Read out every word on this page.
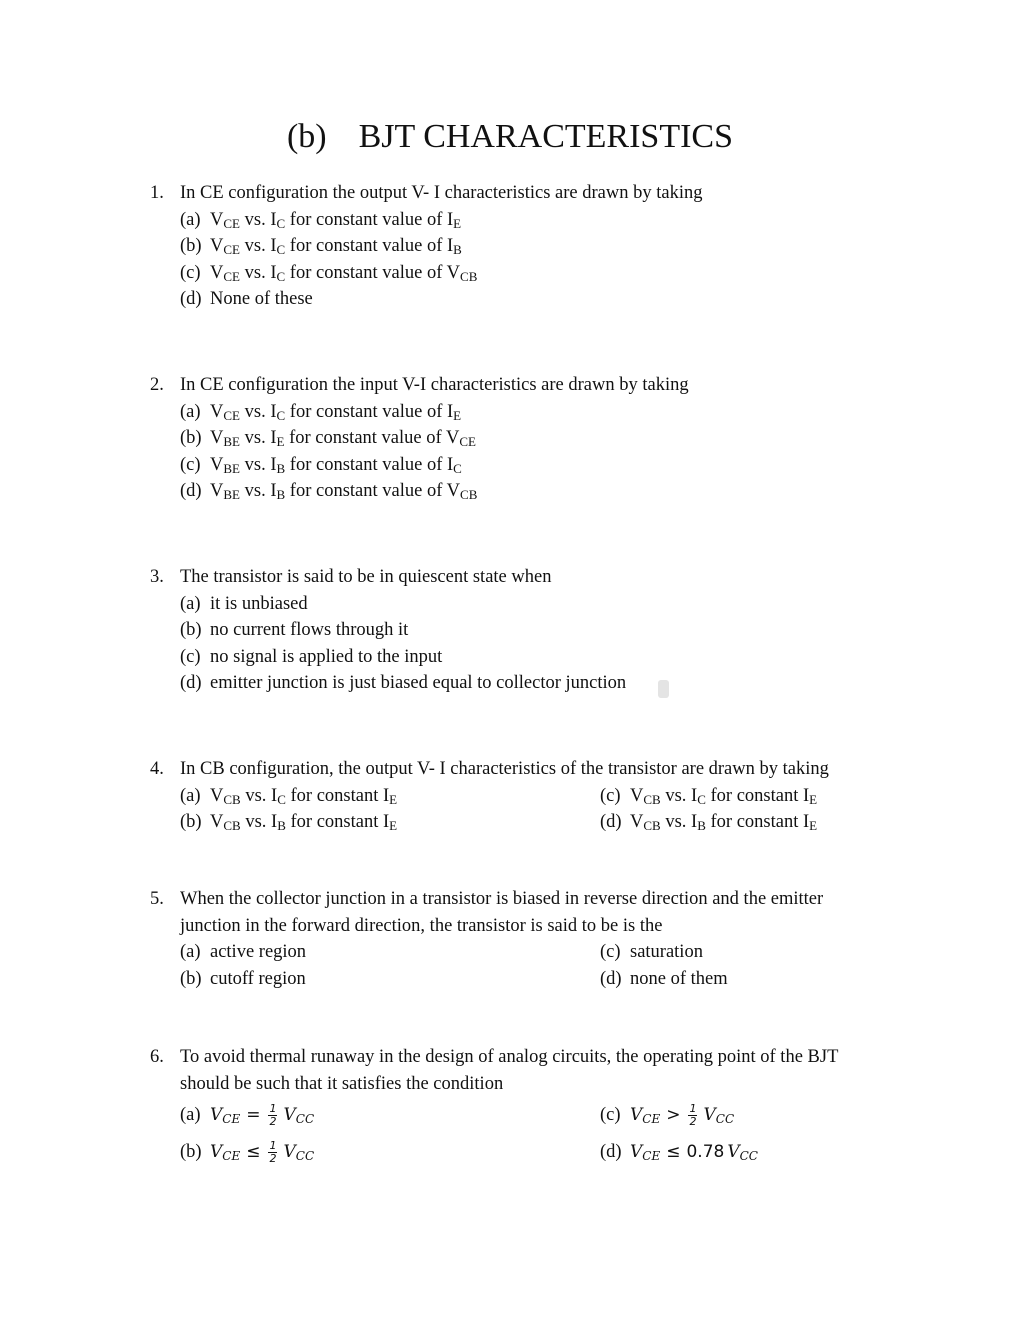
(b) BJT CHARACTERISTICS
1. In CE configuration the output V- I characteristics are drawn by taking
(a) $V_{CE}$ vs. $I_C$ for constant value of $I_E$
(b) $V_{CE}$ vs. $I_C$ for constant value of $I_B$
(c) $V_{CE}$ vs. $I_C$ for constant value of $V_{CB}$
(d) None of these
2. In CE configuration the input V-I characteristics are drawn by taking
(a) $V_{CE}$ vs. $I_C$ for constant value of $I_E$
(b) $V_{BE}$ vs. $I_E$ for constant value of $V_{CE}$
(c) $V_{BE}$ vs. $I_B$ for constant value of $I_C$
(d) $V_{BE}$ vs. $I_B$ for constant value of $V_{CB}$
3. The transistor is said to be in quiescent state when
(a) it is unbiased
(b) no current flows through it
(c) no signal is applied to the input
(d) emitter junction is just biased equal to collector junction
4. In CB configuration, the output V- I characteristics of the transistor are drawn by taking
(a) $V_{CB}$ vs. $I_C$ for constant $I_E$	(c) $V_{CB}$ vs. $I_C$ for constant $I_E$
(b) $V_{CB}$ vs. $I_B$ for constant $I_E$	(d) $V_{CB}$ vs. $I_B$ for constant $I_E$
5. When the collector junction in a transistor is biased in reverse direction and the emitter
junction in the forward direction, the transistor is said to be is the
(a) active region	(c) saturation
(b) cutoff region	(d) none of them
6. To avoid thermal runaway in the design of analog circuits, the operating point of the BJT
should be such that it satisfies the condition
(a) $V_{CE} = \frac{1}{2} V_{CC}$	(c) $V_{CE} > \frac{1}{2} V_{CC}$
(b) $V_{CE} \le \frac{1}{2} V_{CC}$	(d) $V_{CE} \le 0.78$ $V_{CC}$
